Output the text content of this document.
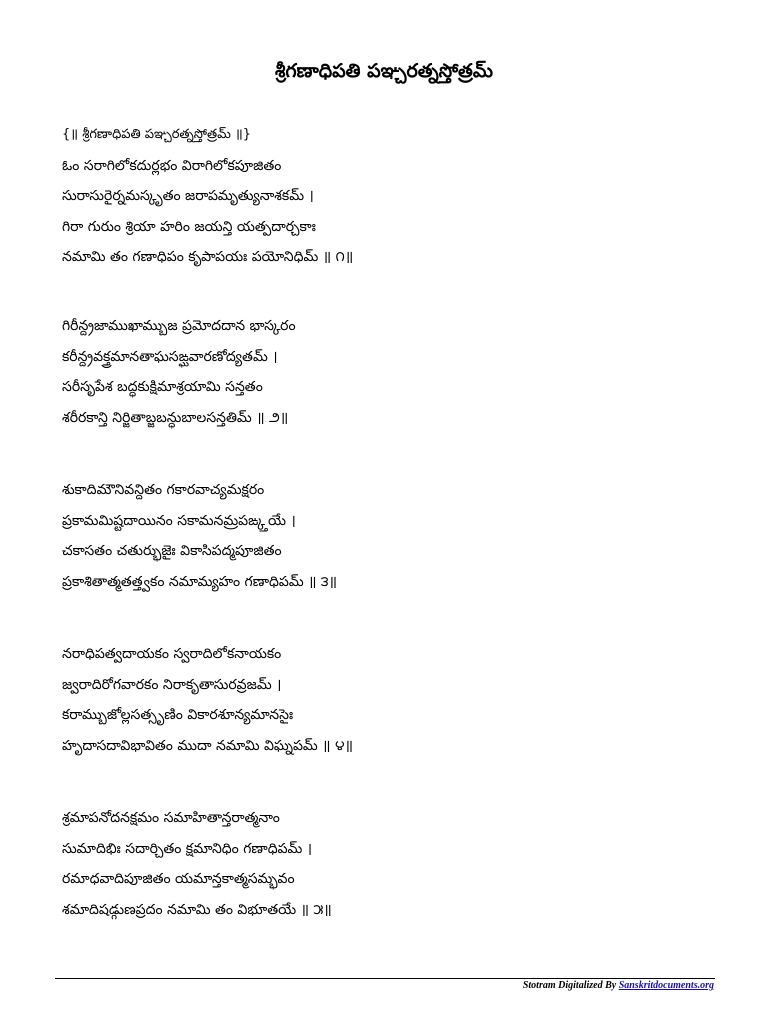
శ్రీగణాధిపతి పఞ్చరత్నస్తోత్రమ్
{॥ శ్రీగణాధిపతి పఞ్చరత్నస్తోత్రమ్ ॥}
ఓం సరాగిలోకదుర్లభం విరాగిలోకపూజితం
సురాసురైర్నమస్కృతం జరాపమృత్యునాశకమ్ ।
గిరా గురుం శ్రియా హరిం జయన్తి యత్పదార్చకాః
నమామి తం గణాధిపం కృపాపయః పయోనిధిమ్ ॥ ౧॥
గిరీన్ద్రజాముఖామ్బుజ ప్రమోదదాన భాస్కరం
కరీన్ద్రవక్త్రమానతాఘసఙ్ఘవారణోద్యతమ్ ।
సరీసృపేశ బద్ధకుక్షిమాశ్రయామి సన్తతం
శరీరకాన్తి నిర్జితాబ్జబన్ధుబాలసన్తతిమ్ ॥ ౨॥
శుకాదిమౌనివన్దితం గకారవాచ్యమక్షరం
ప్రకామమిష్టదాయినం సకామనమ్రపఙ్క్తయే ।
చకాసతం చతుర్భుజైః వికాసిపద్మపూజితం
ప్రకాశితాత్మతత్త్వకం నమామ్యహం గణాధిపమ్ ॥ ౩॥
నరాధిపత్వదాయకం స్వరాదిలోకనాయకం
జ్వరాదిరోగవారకం నిరాకృతాసురవ్రజమ్ ।
కరామ్బుజోల్లసత్సృణిం వికారశూన్యమానసైః
హృదాసదావిభావితం ముదా నమామి విఘ్నపమ్ ॥ ౪॥
శ్రమాపనోదనక్షమం సమాహితాన్తరాత్మనాం
సుమాదిభిః సదార్చితం క్షమానిధిం గణాధిపమ్ ।
రమాధవాదిపూజితం యమాన్తకాత్మసమ్భవం
శమాదిషడ్గుణప్రదం నమామి తం విభూతయే ॥ ౫॥
Stotram Digitalized By Sanskritdocuments.org
